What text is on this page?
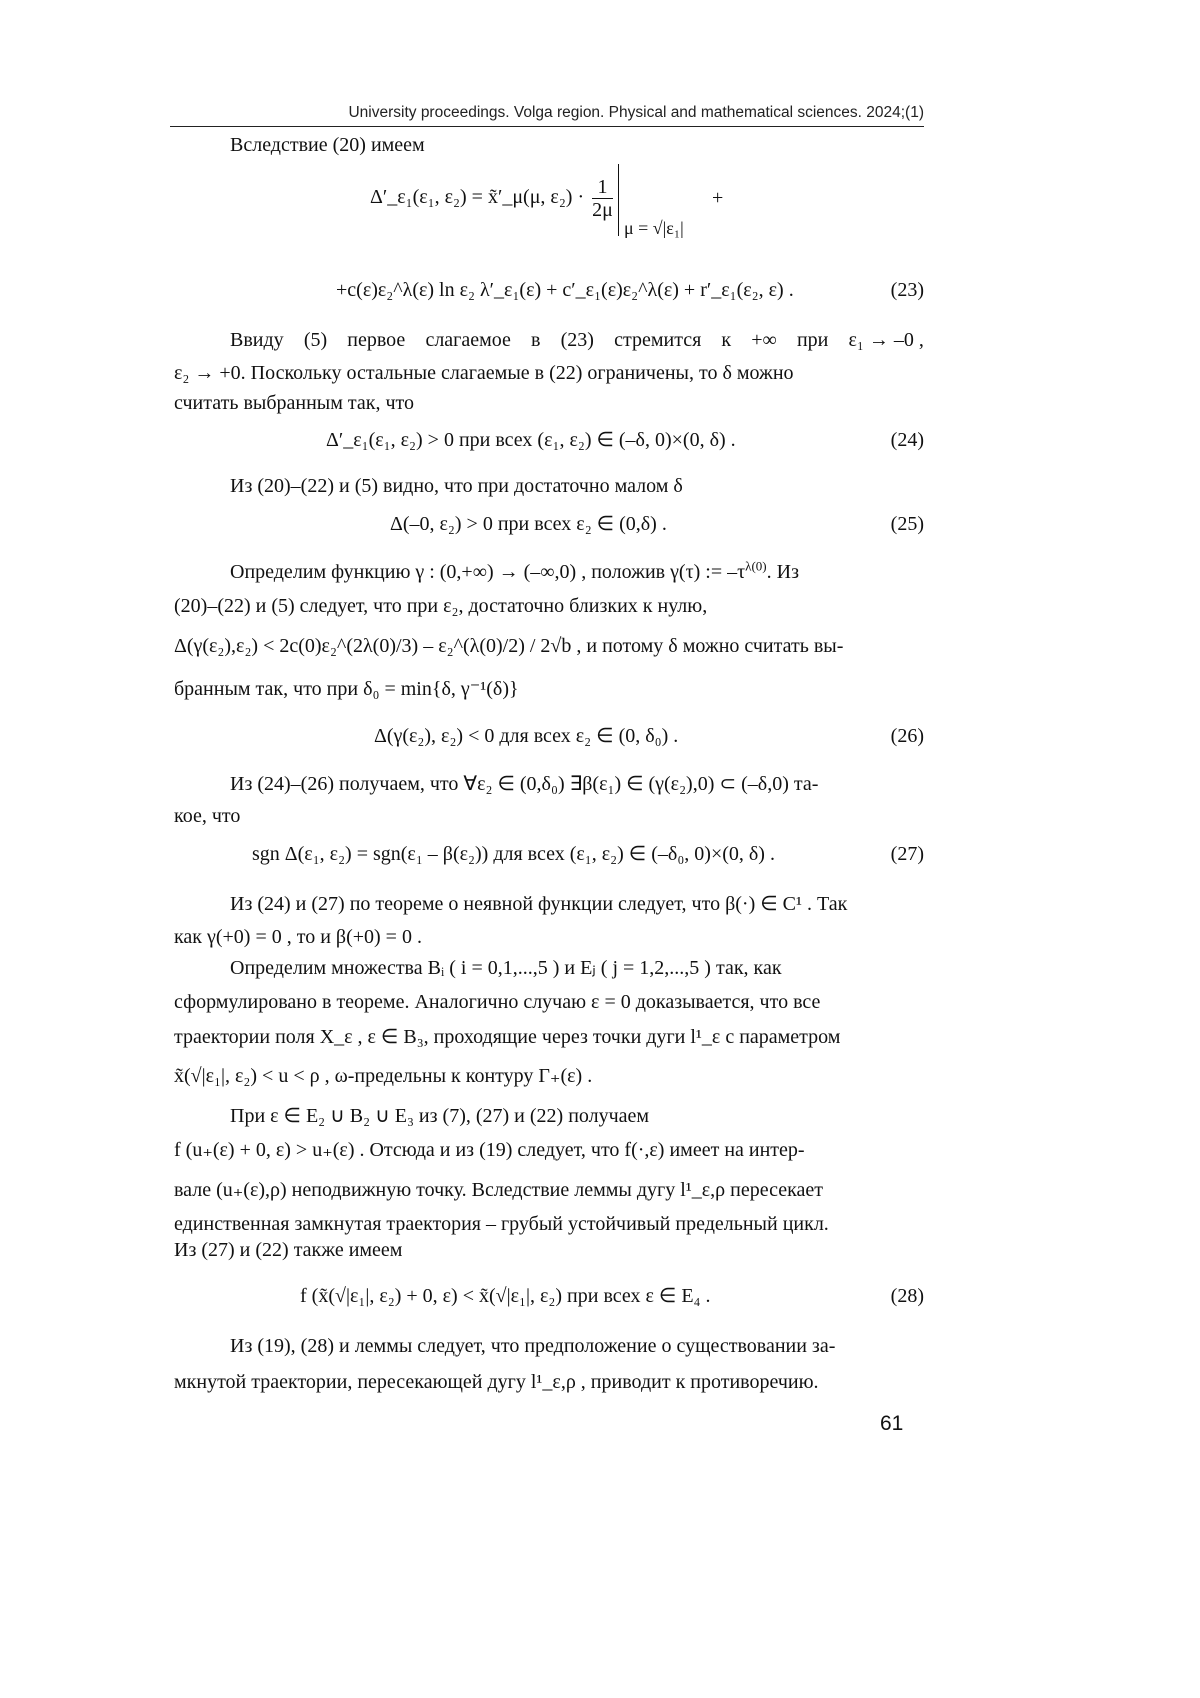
University proceedings. Volga region. Physical and mathematical sciences. 2024;(1)
Вследствие (20) имеем
Δ′_ε₁(ε₁, ε₂) = x̃′_μ(μ, $\varepsilon_2) \cdot \frac{1}{2\mu}$
μ = √|ε₁|
+
+c(ε)ε₂^λ(ε) ln ε₂ λ′_ε₁(ε) + c′_ε₁(ε)ε₂^λ(ε) + r′_ε₁(ε₂, ε) .	(23)
Ввиду (5) первое слагаемое в (23) стремится к +∞ при ε₁ → –0 ,
ε₂ → +0. Поскольку остальные слагаемые в (22) ограничены, то δ можно
считать выбранным так, что
Δ′_ε₁(ε₁, ε₂) > 0 при всех (ε₁, ε₂) ∈ (–δ, 0)×(0, δ) .	(24)
Из (20)–(22) и (5) видно, что при достаточно малом δ
Δ(–0, ε₂) > 0 при всех ε₂ ∈ (0,δ) .	(25)
Определим функцию γ : (0,+∞) → (–∞,0) , положив γ(τ) := $-\tau^{\lambda(0)}$. Из
(20)–(22) и (5) следует, что при ε₂, достаточно близких к нулю,
Δ(γ(ε₂),ε₂) < 2c(0)ε₂^(2λ(0)/3) – ε₂^(λ(0)/2) / 2√b , и потому δ можно считать вы-
бранным так, что при δ₀ = min{δ, γ⁻¹(δ)}
Δ(γ(ε₂), ε₂) < 0 для всех ε₂ ∈ (0, δ₀) .	(26)
Из (24)–(26) получаем, что ∀ε₂ ∈ (0,δ₀) ∃β(ε₁) ∈ (γ(ε₂),0) ⊂ (–δ,0) та-
кое, что
sgn Δ(ε₁, ε₂) = sgn(ε₁ – β(ε₂)) для всех (ε₁, ε₂) ∈ (–δ₀, 0)×(0, δ) .	(27)
Из (24) и (27) по теореме о неявной функции следует, что β(·) ∈ C¹ . Так
как γ(+0) = 0 , то и β(+0) = 0 .
Определим множества Bᵢ ( i = 0,1,...,5 ) и Eⱼ ( j = 1,2,...,5 ) так, как
сформулировано в теореме. Аналогично случаю ε = 0 доказывается, что все
траектории поля X_ε , ε ∈ B₃, проходящие через точки дуги l¹_ε с параметром
x̃(√|ε₁|, ε₂) < u < ρ , ω-предельны к контуру Γ₊(ε) .
При ε ∈ E₂ ∪ B₂ ∪ E₃ из (7), (27) и (22) получаем
f (u₊(ε) + 0, ε) > u₊(ε) . Отсюда и из (19) следует, что f(·,ε) имеет на интер-
вале (u₊(ε),ρ) неподвижную точку. Вследствие леммы дугу l¹_ε,ρ пересекает
единственная замкнутая траектория – грубый устойчивый предельный цикл.
Из (27) и (22) также имеем
f (x̃(√|ε₁|, ε₂) + 0, ε) < x̃(√|ε₁|, ε₂) при всех ε ∈ E₄ .	(28)
Из (19), (28) и леммы следует, что предположение о существовании за-
мкнутой траектории, пересекающей дугу l¹_ε,ρ , приводит к противоречию.
61
